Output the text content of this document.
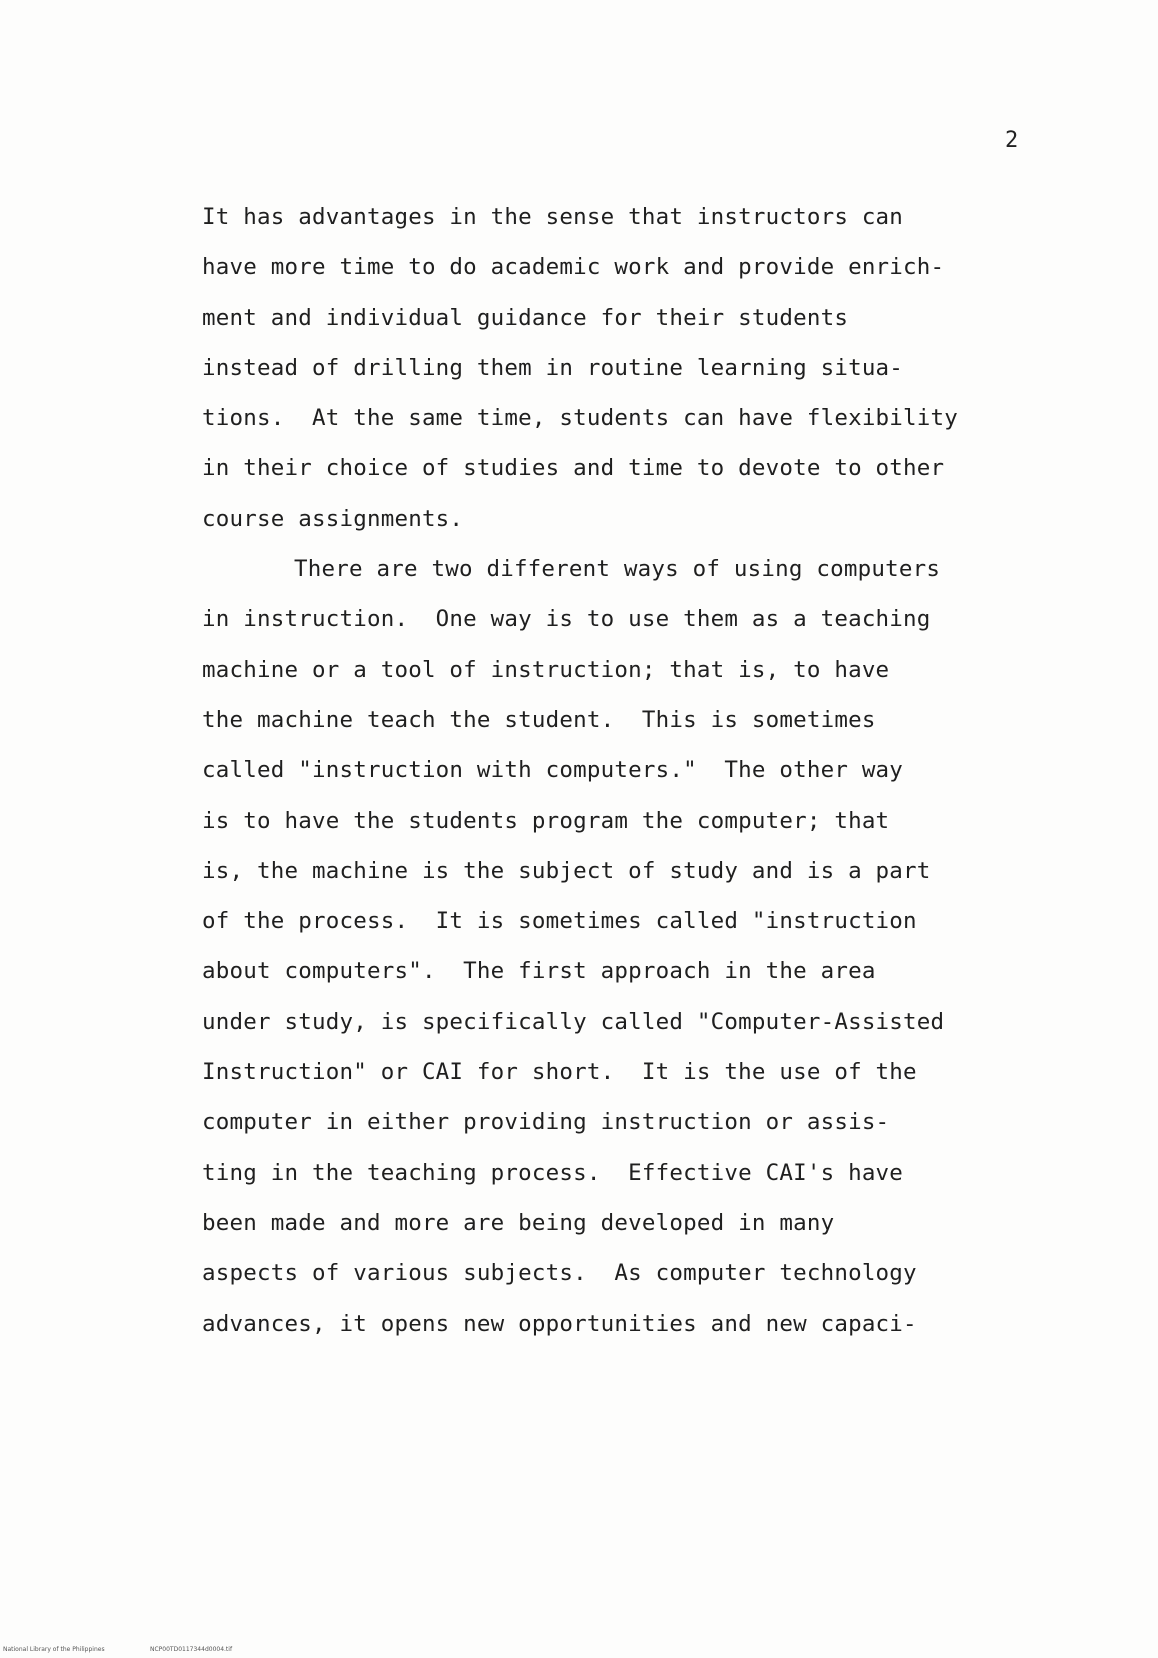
2
It has advantages in the sense that instructors can
have more time to do academic work and provide enrich-
ment and individual guidance for their students
instead of drilling them in routine learning situa-
tions.  At the same time, students can have flexibility
in their choice of studies and time to devote to other
course assignments.
There are two different ways of using computers
in instruction.  One way is to use them as a teaching
machine or a tool of instruction; that is, to have
the machine teach the student.  This is sometimes
called "instruction with computers."  The other way
is to have the students program the computer; that
is, the machine is the subject of study and is a part
of the process.  It is sometimes called "instruction
about computers".  The first approach in the area
under study, is specifically called "Computer-Assisted
Instruction" or CAI for short.  It is the use of the
computer in either providing instruction or assis-
ting in the teaching process.  Effective CAI's have
been made and more are being developed in many
aspects of various subjects.  As computer technology
advances, it opens new opportunities and new capaci-
National Library of the Philippines	NCP00TD0117344d0004.tif
